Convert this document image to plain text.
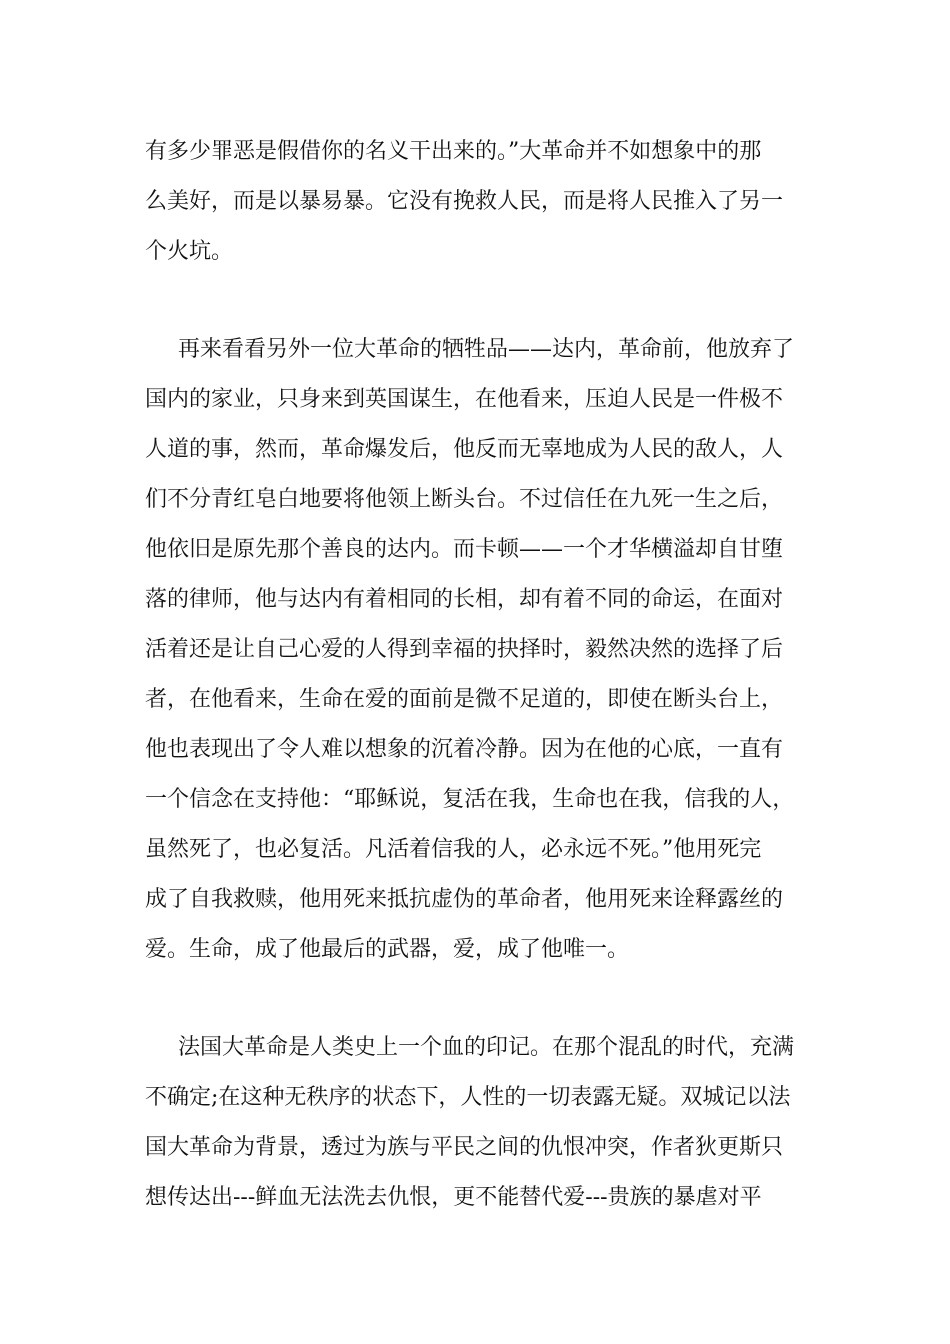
有多少罪恶是假借你的名义干出来的。”大革命并不如想象中的那

么美好，而是以暴易暴。它没有挽救人民，而是将人民推入了另一

个火坑。

再来看看另外一位大革命的牺牲品——达内，革命前，他放弃了

国内的家业，只身来到英国谋生，在他看来，压迫人民是一件极不

人道的事，然而，革命爆发后，他反而无辜地成为人民的敌人，人

们不分青红皂白地要将他领上断头台。不过信任在九死一生之后，

他依旧是原先那个善良的达内。而卡顿——一个才华横溢却自甘堕

落的律师，他与达内有着相同的长相，却有着不同的命运，在面对

活着还是让自己心爱的人得到幸福的抉择时，毅然决然的选择了后

者，在他看来，生命在爱的面前是微不足道的，即使在断头台上，

他也表现出了令人难以想象的沉着冷静。因为在他的心底，一直有

一个信念在支持他：“耶稣说，复活在我，生命也在我，信我的人，

虽然死了，也必复活。凡活着信我的人，必永远不死。”他用死完

成了自我救赎，他用死来抵抗虚伪的革命者，他用死来诠释露丝的

爱。生命，成了他最后的武器，爱，成了他唯一。

法国大革命是人类史上一个血的印记。在那个混乱的时代，充满

不确定;在这种无秩序的状态下，人性的一切表露无疑。双城记以法

国大革命为背景，透过为族与平民之间的仇恨冲突，作者狄更斯只

想传达出---鲜血无法洗去仇恨，更不能替代爱---贵族的暴虐对平
